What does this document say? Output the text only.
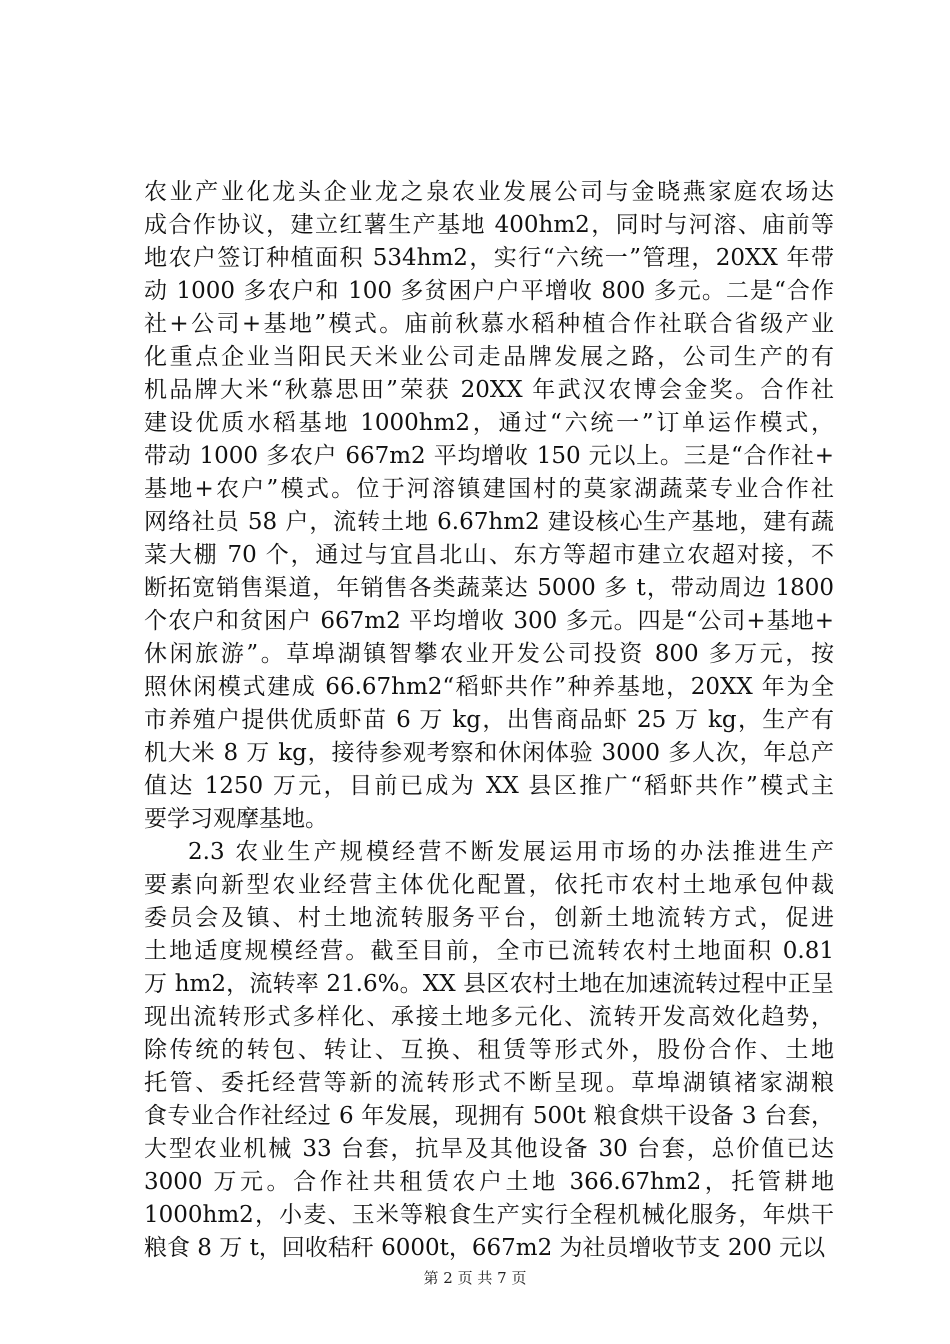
农业产业化龙头企业龙之泉农业发展公司与金晓燕家庭农场达
成合作协议，建立红薯生产基地 400hm2，同时与河溶、庙前等
地农户签订种植面积 534hm2，实行“六统一”管理，20XX 年带
动 1000 多农户和 100 多贫困户户平增收 800 多元。二是“合作
社+公司+基地”模式。庙前秋慕水稻种植合作社联合省级产业
化重点企业当阳民天米业公司走品牌发展之路，公司生产的有
机品牌大米“秋慕思田”荣获 20XX 年武汉农博会金奖。合作社
建设优质水稻基地 1000hm2，通过“六统一”订单运作模式，
带动 1000 多农户 667m2 平均增收 150 元以上。三是“合作社+
基地+农户”模式。位于河溶镇建国村的莫家湖蔬菜专业合作社
网络社员 58 户，流转土地 6.67hm2 建设核心生产基地，建有蔬
菜大棚 70 个，通过与宜昌北山、东方等超市建立农超对接，不
断拓宽销售渠道，年销售各类蔬菜达 5000 多 t，带动周边 1800
个农户和贫困户 667m2 平均增收 300 多元。四是“公司+基地+
休闲旅游”。草埠湖镇智攀农业开发公司投资 800 多万元，按
照休闲模式建成 66.67hm2“稻虾共作”种养基地，20XX 年为全
市养殖户提供优质虾苗 6 万 kg，出售商品虾 25 万 kg，生产有
机大米 8 万 kg，接待参观考察和休闲体验 3000 多人次，年总产
值达 1250 万元，目前已成为 XX 县区推广“稻虾共作”模式主
要学习观摩基地。
2.3 农业生产规模经营不断发展运用市场的办法推进生产
要素向新型农业经营主体优化配置，依托市农村土地承包仲裁
委员会及镇、村土地流转服务平台，创新土地流转方式，促进
土地适度规模经营。截至目前，全市已流转农村土地面积 0.81
万 hm2，流转率 21.6%。XX 县区农村土地在加速流转过程中正呈
现出流转形式多样化、承接土地多元化、流转开发高效化趋势，
除传统的转包、转让、互换、租赁等形式外，股份合作、土地
托管、委托经营等新的流转形式不断呈现。草埠湖镇褚家湖粮
食专业合作社经过 6 年发展，现拥有 500t 粮食烘干设备 3 台套，
大型农业机械 33 台套，抗旱及其他设备 30 台套，总价值已达
3000 万元。合作社共租赁农户土地 366.67hm2，托管耕地
1000hm2，小麦、玉米等粮食生产实行全程机械化服务，年烘干
第 2 页 共 7 页
粮食 8 万 t，回收秸秆 6000t，667m2 为社员增收节支 200 元以
